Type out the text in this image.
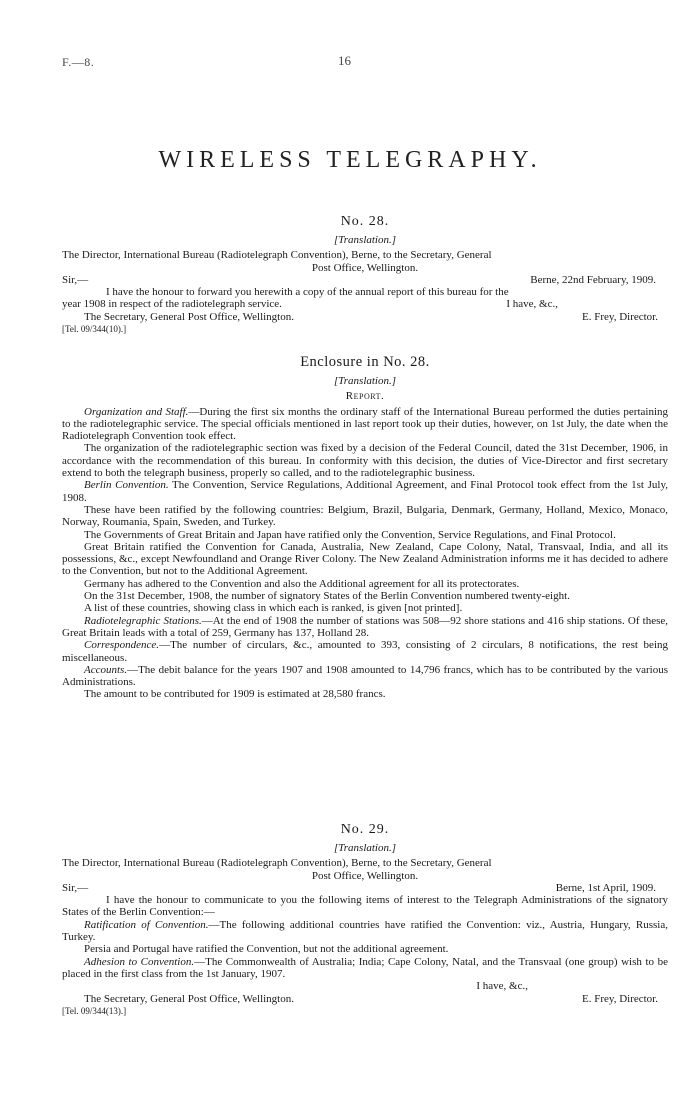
F.—8.	16
WIRELESS TELEGRAPHY.

No. 28.

[Translation.]

The Director, International Bureau (Radiotelegraph Convention), Berne, to the Secretary, General

Post Office, Wellington.

Sir,—	Berne, 22nd February, 1909.

I have the honour to forward you herewith a copy of the annual report of this bureau for the

year 1908 in respect of the radiotelegraph service.	I have, &c.,
The Secretary, General Post Office, Wellington.	E. Frey, Director.

[Tel. 09/344(10).]

Enclosure in No. 28.

[Translation.]

Report.

Organization and Staff.—During the first six months the ordinary staff of the International Bureau performed the duties pertaining to the radiotelegraphic service. The special officials mentioned in last report took up their duties, however, on 1st July, the date when the Radiotelegraph Convention took effect.

The organization of the radiotelegraphic section was fixed by a decision of the Federal Council, dated the 31st December, 1906, in accordance with the recommendation of this bureau. In conformity with this decision, the duties of Vice-Director and first secretary extend to both the telegraph business, properly so called, and to the radiotelegraphic business.

Berlin Convention. The Convention, Service Regulations, Additional Agreement, and Final Protocol took effect from the 1st July, 1908.

These have been ratified by the following countries: Belgium, Brazil, Bulgaria, Denmark, Germany, Holland, Mexico, Monaco, Norway, Roumania, Spain, Sweden, and Turkey.

The Governments of Great Britain and Japan have ratified only the Convention, Service Regulations, and Final Protocol.

Great Britain ratified the Convention for Canada, Australia, New Zealand, Cape Colony, Natal, Transvaal, India, and all its possessions, &c., except Newfoundland and Orange River Colony. The New Zealand Administration informs me it has decided to adhere to the Convention, but not to the Additional Agreement.

Germany has adhered to the Convention and also the Additional agreement for all its protectorates.

On the 31st December, 1908, the number of signatory States of the Berlin Convention numbered twenty-eight.

A list of these countries, showing class in which each is ranked, is given [not printed].

Radiotelegraphic Stations.—At the end of 1908 the number of stations was 508—92 shore stations and 416 ship stations. Of these, Great Britain leads with a total of 259, Germany has 137, Holland 28.

Correspondence.—The number of circulars, &c., amounted to 393, consisting of 2 circulars, 8 notifications, the rest being miscellaneous.

Accounts.—The debit balance for the years 1907 and 1908 amounted to 14,796 francs, which has to be contributed by the various Administrations.

The amount to be contributed for 1909 is estimated at 28,580 francs.

No. 29.

[Translation.]

The Director, International Bureau (Radiotelegraph Convention), Berne, to the Secretary, General

Post Office, Wellington.

Sir,—	Berne, 1st April, 1909.

I have the honour to communicate to you the following items of interest to the Telegraph Administrations of the signatory States of the Berlin Convention:—

Ratification of Convention.—The following additional countries have ratified the Convention: viz., Austria, Hungary, Russia, Turkey.

Persia and Portugal have ratified the Convention, but not the additional agreement.

Adhesion to Convention.—The Commonwealth of Australia; India; Cape Colony, Natal, and the Transvaal (one group) wish to be placed in the first class from the 1st January, 1907.

I have, &c.,

The Secretary, General Post Office, Wellington.	E. Frey, Director.

[Tel. 09/344(13).]
